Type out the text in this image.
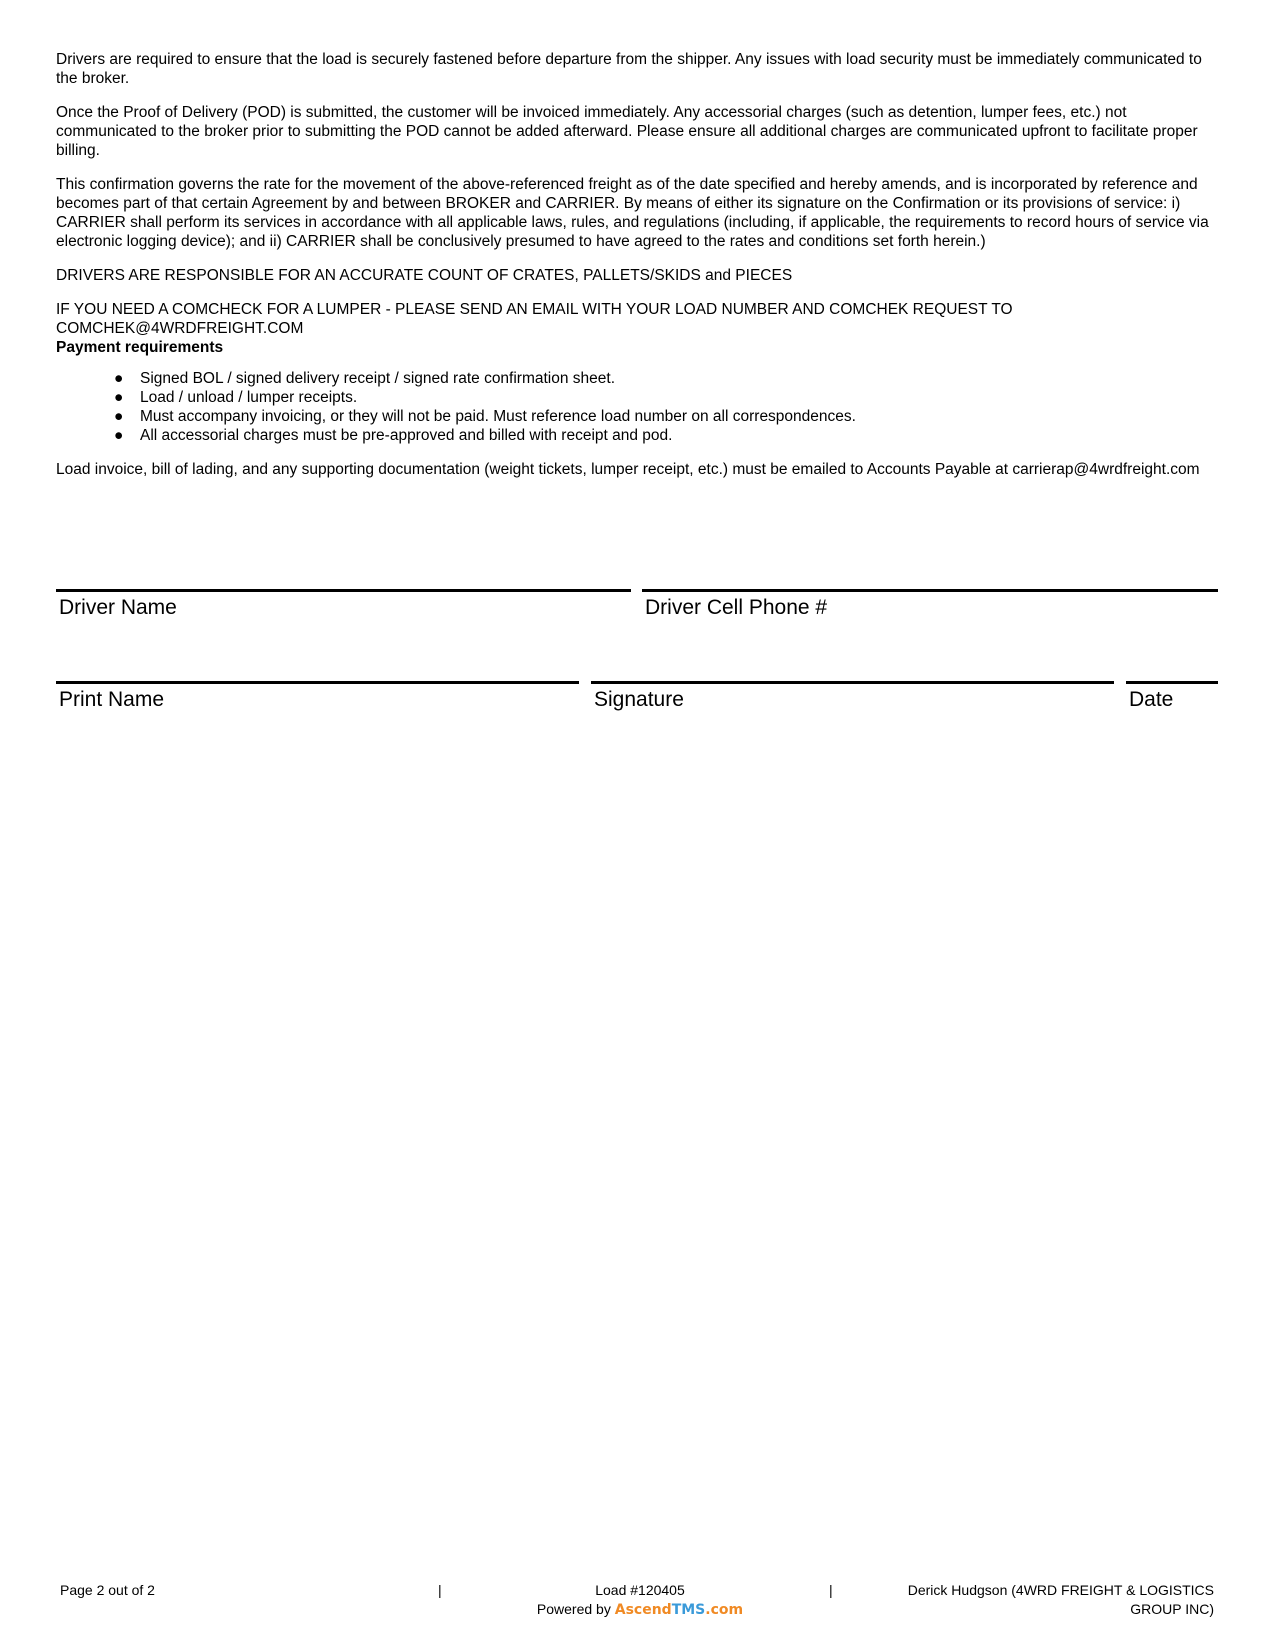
Drivers are required to ensure that the load is securely fastened before departure from the shipper. Any issues with load security must be immediately communicated to the broker.

Once the Proof of Delivery (POD) is submitted, the customer will be invoiced immediately. Any accessorial charges (such as detention, lumper fees, etc.) not communicated to the broker prior to submitting the POD cannot be added afterward. Please ensure all additional charges are communicated upfront to facilitate proper billing.

This confirmation governs the rate for the movement of the above-referenced freight as of the date specified and hereby amends, and is incorporated by reference and becomes part of that certain Agreement by and between BROKER and CARRIER. By means of either its signature on the Confirmation or its provisions of service: i) CARRIER shall perform its services in accordance with all applicable laws, rules, and regulations (including, if applicable, the requirements to record hours of service via electronic logging device); and ii) CARRIER shall be conclusively presumed to have agreed to the rates and conditions set forth herein.)

DRIVERS ARE RESPONSIBLE FOR AN ACCURATE COUNT OF CRATES, PALLETS/SKIDS and PIECES
IF YOU NEED A COMCHECK FOR A LUMPER - PLEASE SEND AN EMAIL WITH YOUR LOAD NUMBER AND COMCHEK REQUEST TO COMCHEK@4WRDFREIGHT.COM
Payment requirements
● Signed BOL / signed delivery receipt / signed rate confirmation sheet.
● Load / unload / lumper receipts.
● Must accompany invoicing, or they will not be paid. Must reference load number on all correspondences.
● All accessorial charges must be pre-approved and billed with receipt and pod.

Load invoice, bill of lading, and any supporting documentation (weight tickets, lumper receipt, etc.) must be emailed to Accounts Payable at carrierap@4wrdfreight.com

Driver Name	Driver Cell Phone #
Print Name	Signature	Date
Page 2 out of 2	|	Load #120405
Powered by AscendTMS.com
|	Derick Hudgson (4WRD FREIGHT & LOGISTICS
GROUP INC)
